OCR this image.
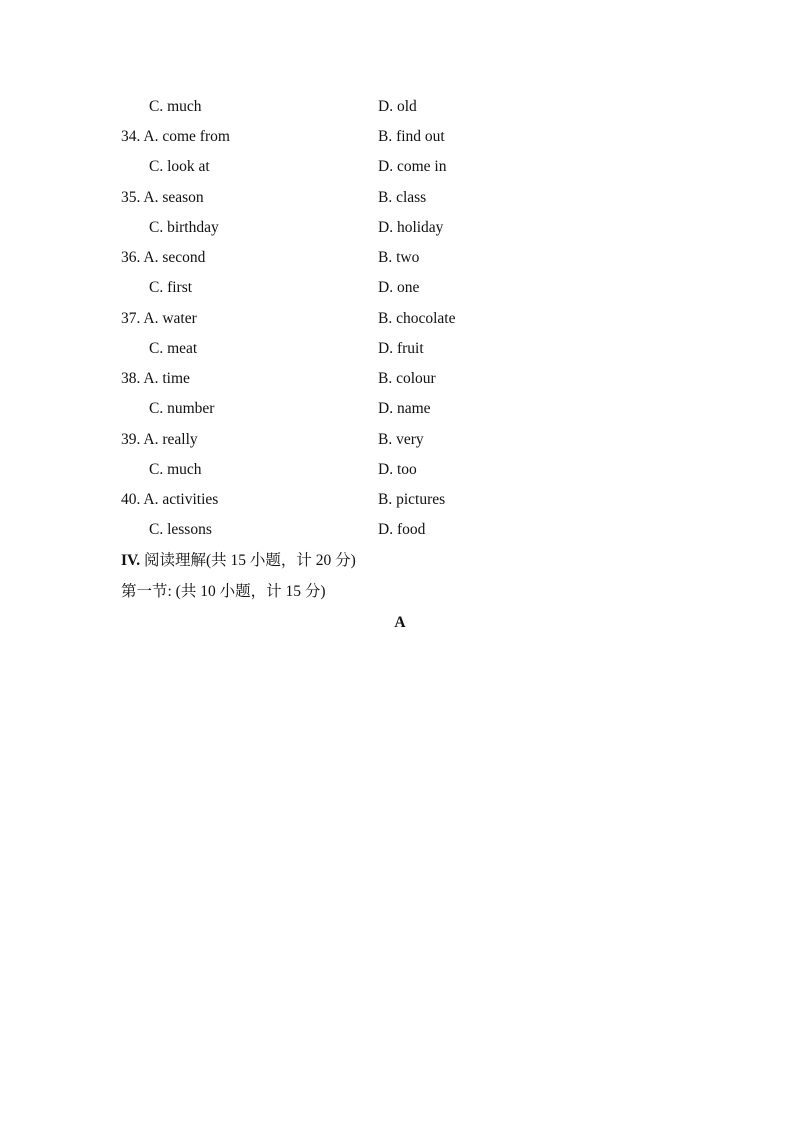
C. much	D. old
34. A. come from	B. find out
C. look at	D. come in
35. A. season	B. class
C. birthday	D. holiday
36. A. second	B. two
C. first	D. one
37. A. water	B. chocolate
C. meat	D. fruit
38. A. time	B. colour
C. number	D. name
39. A. really	B. very
C. much	D. too
40. A. activities	B. pictures
C. lessons	D. food
IV. 阅读理解(共 15 小题，计 20 分)
第一节: (共 10 小题，计 15 分)
A
